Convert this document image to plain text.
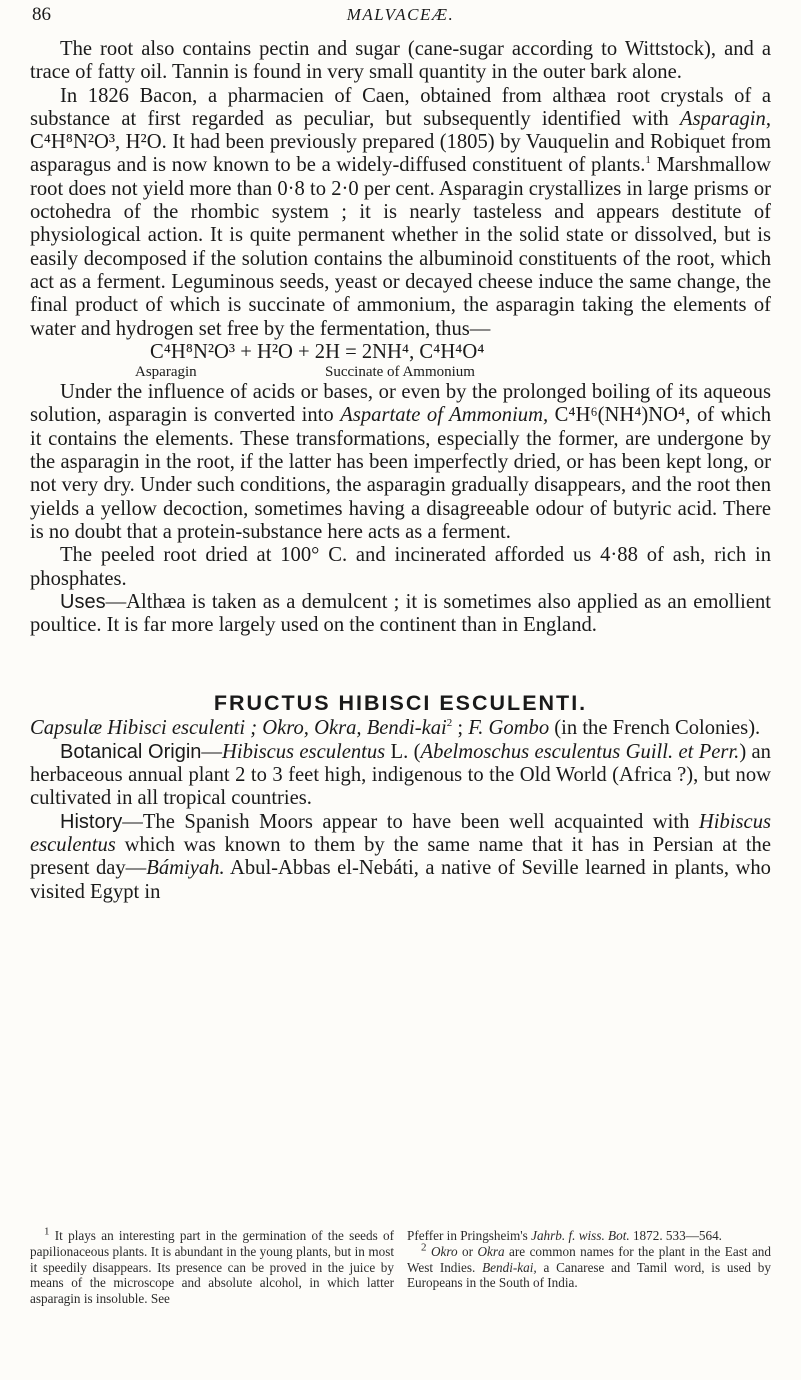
86	MALVACEÆ.

The root also contains pectin and sugar (cane-sugar according to Wittstock), and a trace of fatty oil. Tannin is found in very small quantity in the outer bark alone.

In 1826 Bacon, a pharmacien of Caen, obtained from althæa root crystals of a substance at first regarded as peculiar, but subsequently identified with Asparagin, C⁴H⁸N²O³, H²O. It had been previously prepared (1805) by Vauquelin and Robiquet from asparagus and is now known to be a widely-diffused constituent of plants.$^1$ Marshmallow root does not yield more than 0·8 to 2·0 per cent. Asparagin crystallizes in large prisms or octohedra of the rhombic system ; it is nearly tasteless and appears destitute of physiological action. It is quite permanent whether in the solid state or dissolved, but is easily decomposed if the solution contains the albuminoid constituents of the root, which act as a ferment. Leguminous seeds, yeast or decayed cheese induce the same change, the final product of which is succinate of ammonium, the asparagin taking the elements of water and hydrogen set free by the fermentation, thus—

C⁴H⁸N²O³ + H²O + 2H = 2NH⁴, C⁴H⁴O⁴

Asparagin	Succinate of Ammonium

Under the influence of acids or bases, or even by the prolonged boiling of its aqueous solution, asparagin is converted into Aspartate of Ammonium, C⁴H⁶(NH⁴)NO⁴, of which it contains the elements. These transformations, especially the former, are undergone by the asparagin in the root, if the latter has been imperfectly dried, or has been kept long, or not very dry. Under such conditions, the asparagin gradually disappears, and the root then yields a yellow decoction, sometimes having a disagreeable odour of butyric acid. There is no doubt that a protein-substance here acts as a ferment.

The peeled root dried at 100° C. and incinerated afforded us 4·88 of ash, rich in phosphates.

Uses—Althæa is taken as a demulcent ; it is sometimes also applied as an emollient poultice. It is far more largely used on the continent than in England.

FRUCTUS HIBISCI ESCULENTI.

Capsulæ Hibisci esculenti ; Okro, Okra, Bendi-kai$^2$ ; F. Gombo (in the French Colonies).

Botanical Origin—Hibiscus esculentus L. (Abelmoschus esculentus Guill. et Perr.) an herbaceous annual plant 2 to 3 feet high, indigenous to the Old World (Africa ?), but now cultivated in all tropical countries.

History—The Spanish Moors appear to have been well acquainted with Hibiscus esculentus which was known to them by the same name that it has in Persian at the present day—Bámiyah. Abul-Abbas el-Nebáti, a native of Seville learned in plants, who visited Egypt in

$^1$ It plays an interesting part in the germination of the seeds of papilionaceous plants. It is abundant in the young plants, but in most it speedily disappears. Its presence can be proved in the juice by means of the microscope and absolute alcohol, in which latter asparagin is insoluble. See

Pfeffer in Pringsheim's Jahrb. f. wiss. Bot. 1872. 533—564.

$^2$ Okro or Okra are common names for the plant in the East and West Indies. Bendi-kai, a Canarese and Tamil word, is used by Europeans in the South of India.
